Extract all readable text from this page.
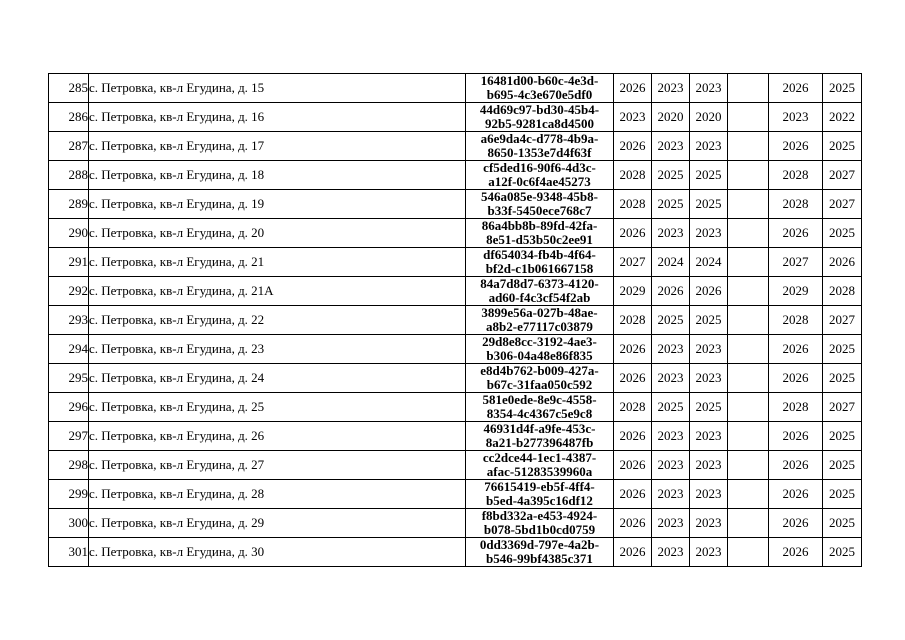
285	с. Петровка, кв-л Егудина, д. 15	16481d00-b60c-4e3d-
b695-4c3e670e5df0	2026	2023	2023		2026	2025
286	с. Петровка, кв-л Егудина, д. 16	44d69c97-bd30-45b4-
92b5-9281ca8d4500	2023	2020	2020		2023	2022
287	с. Петровка, кв-л Егудина, д. 17	a6e9da4c-d778-4b9a-
8650-1353e7d4f63f	2026	2023	2023		2026	2025
288	с. Петровка, кв-л Егудина, д. 18	cf5ded16-90f6-4d3c-
a12f-0c6f4ae45273	2028	2025	2025		2028	2027
289	с. Петровка, кв-л Егудина, д. 19	546a085e-9348-45b8-
b33f-5450ece768c7	2028	2025	2025		2028	2027
290	с. Петровка, кв-л Егудина, д. 20	86a4bb8b-89fd-42fa-
8e51-d53b50c2ee91	2026	2023	2023		2026	2025
291	с. Петровка, кв-л Егудина, д. 21	df654034-fb4b-4f64-
bf2d-c1b061667158	2027	2024	2024		2027	2026
292	с. Петровка, кв-л Егудина, д. 21А	84a7d8d7-6373-4120-
ad60-f4c3cf54f2ab	2029	2026	2026		2029	2028
293	с. Петровка, кв-л Егудина, д. 22	3899e56a-027b-48ae-
a8b2-e77117c03879	2028	2025	2025		2028	2027
294	с. Петровка, кв-л Егудина, д. 23	29d8e8cc-3192-4ae3-
b306-04a48e86f835	2026	2023	2023		2026	2025
295	с. Петровка, кв-л Егудина, д. 24	e8d4b762-b009-427a-
b67c-31faa050c592	2026	2023	2023		2026	2025
296	с. Петровка, кв-л Егудина, д. 25	581e0ede-8e9c-4558-
8354-4c4367c5e9c8	2028	2025	2025		2028	2027
297	с. Петровка, кв-л Егудина, д. 26	46931d4f-a9fe-453c-
8a21-b277396487fb	2026	2023	2023		2026	2025
298	с. Петровка, кв-л Егудина, д. 27	cc2dce44-1ec1-4387-
afac-51283539960a	2026	2023	2023		2026	2025
299	с. Петровка, кв-л Егудина, д. 28	76615419-eb5f-4ff4-
b5ed-4a395c16df12	2026	2023	2023		2026	2025
300	с. Петровка, кв-л Егудина, д. 29	f8bd332a-e453-4924-
b078-5bd1b0cd0759	2026	2023	2023		2026	2025
301	с. Петровка, кв-л Егудина, д. 30	0dd3369d-797e-4a2b-
b546-99bf4385c371	2026	2023	2023		2026	2025
